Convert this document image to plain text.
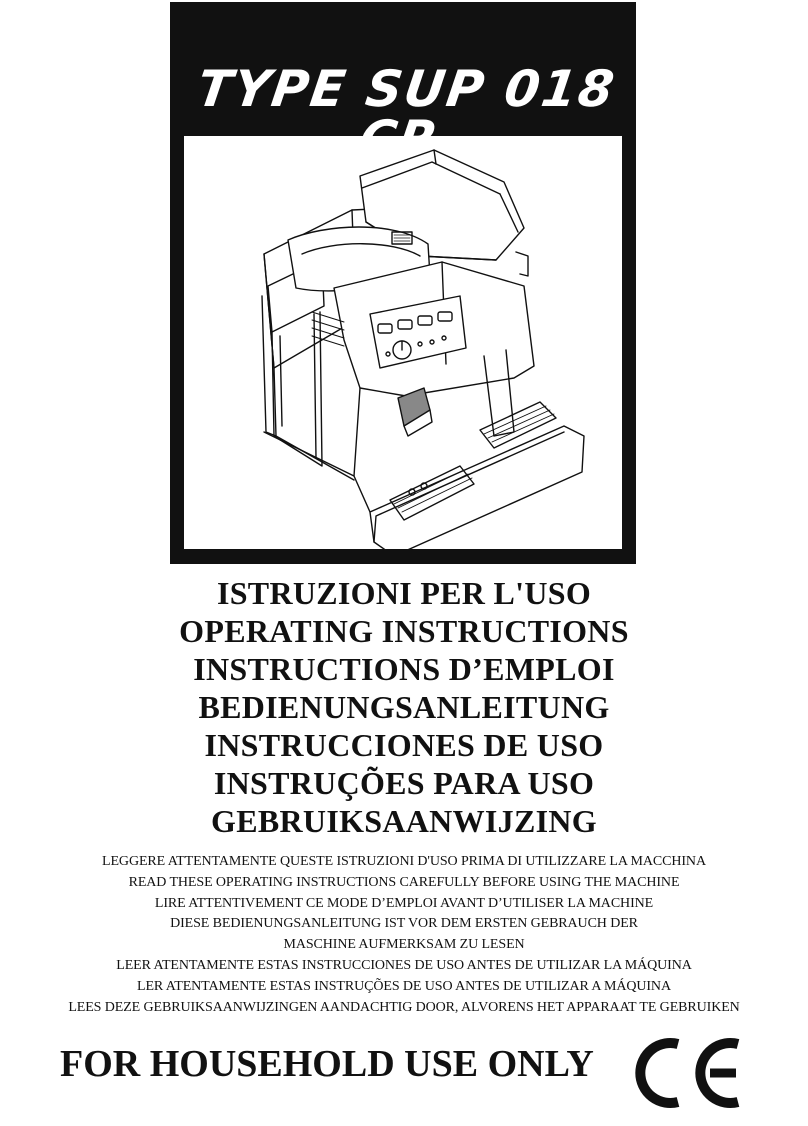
TYPE SUP 018
ISTRUZIONI PER L'USO
OPERATING INSTRUCTIONS
INSTRUCTIONS D’EMPLOI
BEDIENUNGSANLEITUNG
INSTRUCCIONES DE USO
INSTRUÇÕES PARA USO
GEBRUIKSAANWIJZING
LEGGERE ATTENTAMENTE QUESTE ISTRUZIONI D'USO PRIMA DI UTILIZZARE LA MACCHINA
READ THESE OPERATING INSTRUCTIONS CAREFULLY BEFORE USING THE MACHINE
LIRE ATTENTIVEMENT CE MODE D’EMPLOI AVANT D’UTILISER LA MACHINE
DIESE BEDIENUNGSANLEITUNG IST VOR DEM ERSTEN GEBRAUCH DER
MASCHINE AUFMERKSAM ZU LESEN
LEER ATENTAMENTE ESTAS INSTRUCCIONES DE USO ANTES DE UTILIZAR LA MÁQUINA
LER ATENTAMENTE ESTAS INSTRUÇÕES DE USO ANTES DE UTILIZAR A MÁQUINA
LEES DEZE GEBRUIKSAANWIJZINGEN AANDACHTIG DOOR, ALVORENS HET APPARAAT TE GEBRUIKEN
FOR HOUSEHOLD USE ONLY
